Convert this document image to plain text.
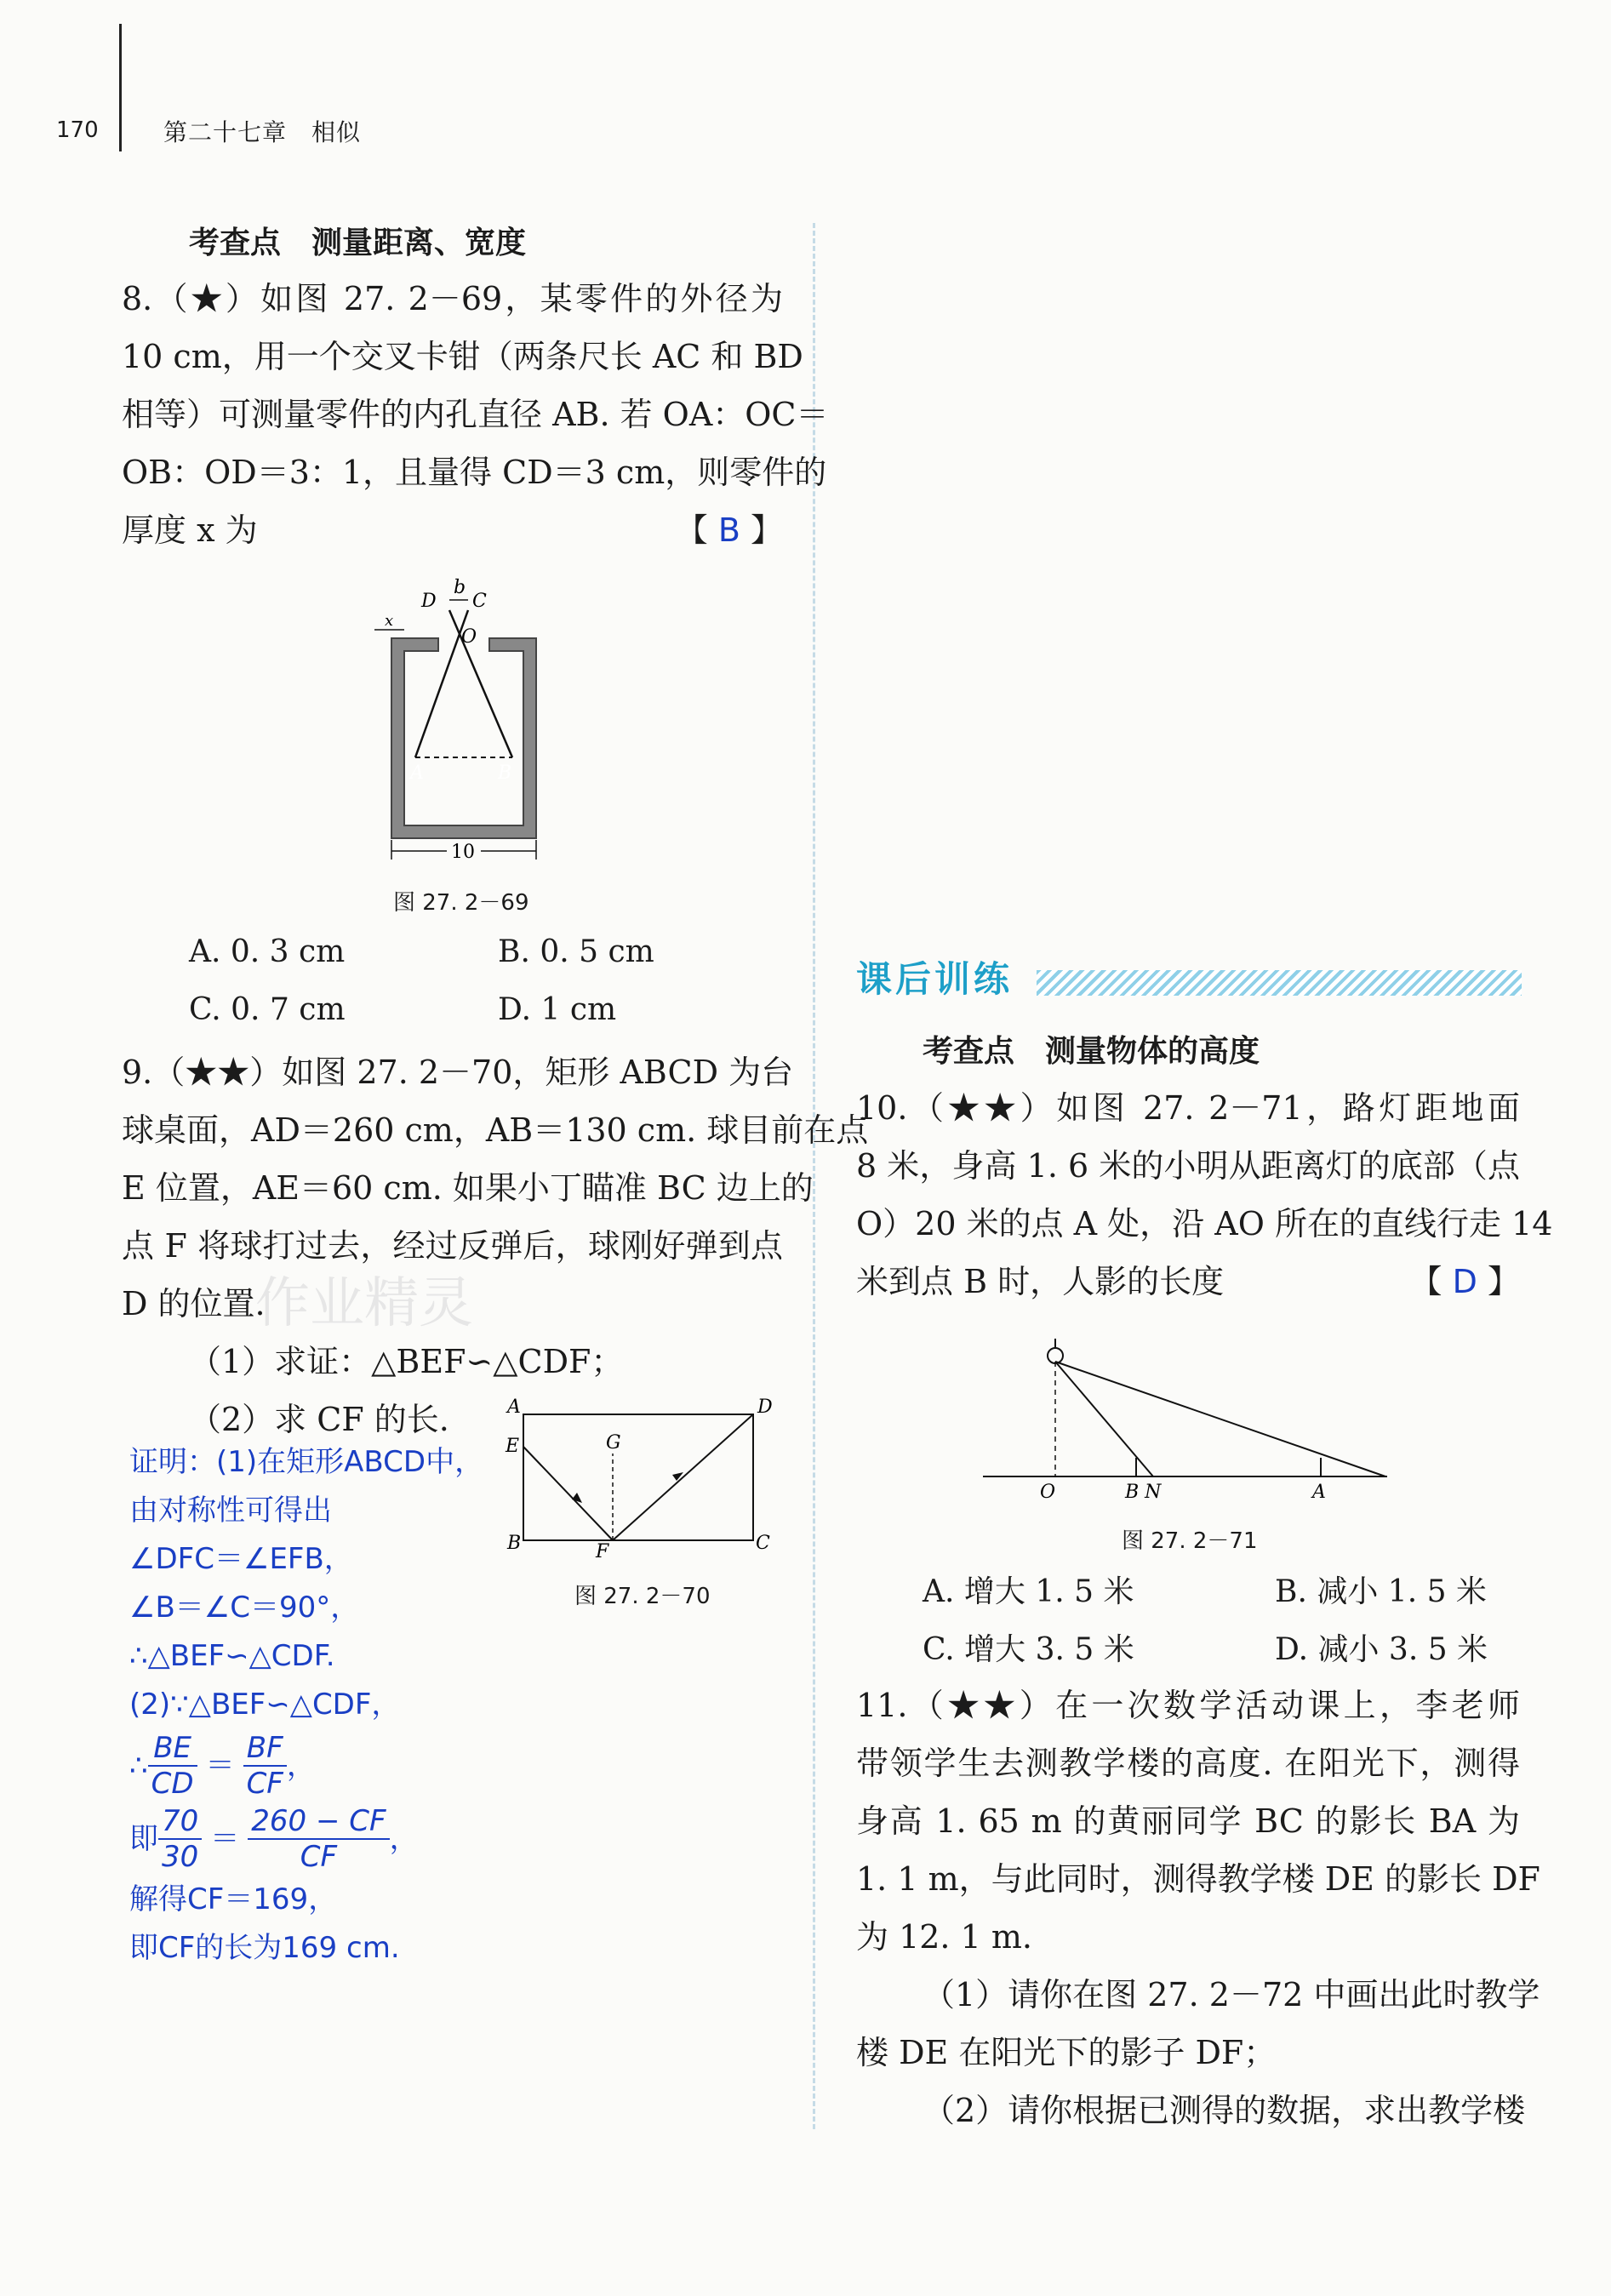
170	第二十七章　相似
作业精灵
考查点　测量距离、宽度

8.（★）如图 27. 2－69，某零件的外径为

10 cm，用一个交叉卡钳（两条尺长 AC 和 BD

相等）可测量零件的内孔直径 AB. 若 OA：OC＝

OB：OD＝3：1，且量得 CD＝3 cm，则零件的

厚度 x 为	【 B 】

D
b
C
x
O
A	B
10
图 27. 2－69
A. 0. 3 cm	B. 0. 5 cm
C. 0. 7 cm	D. 1 cm

9.（★★）如图 27. 2－70，矩形 ABCD 为台

球桌面，AD＝260 cm，AB＝130 cm. 球目前在点

E 位置，AE＝60 cm. 如果小丁瞄准 BC 边上的

点 F 将球打过去，经过反弹后，球刚好弹到点

D 的位置.

（1）求证：△BEF∽△CDF；
（2）求 CF 的长.	A	D
E	G
B	F	C
图 27. 2－70
证明：(1)在矩形ABCD中，
由对称性可得出
∠DFC＝∠EFB，
∠B＝∠C＝90°，
∴△BEF∽△CDF.
(2)∵△BEF∽△CDF，
∴ $\frac{BE}{CD} = \frac{BF}{CF}$ ，
即 $\frac{70}{30} = \frac{260 - CF}{CF}$ ，
解得CF＝169，
即CF的长为169 cm.
课后训练
考查点　测量物体的高度

10.（★★）如图 27. 2－71，路灯距地面

8 米，身高 1. 6 米的小明从距离灯的底部（点

O）20 米的点 A 处，沿 AO 所在的直线行走 14

米到点 B 时，人影的长度	【 D 】

O	B N	A
图 27. 2－71
A. 增大 1. 5 米	B. 减小 1. 5 米
C. 增大 3. 5 米	D. 减小 3. 5 米

11.（★★）在一次数学活动课上，李老师

带领学生去测教学楼的高度. 在阳光下，测得

身高 1. 65 m 的黄丽同学 BC 的影长 BA 为

1. 1 m，与此同时，测得教学楼 DE 的影长 DF

为 12. 1 m.

（1）请你在图 27. 2－72 中画出此时教学

楼 DE 在阳光下的影子 DF；

（2）请你根据已测得的数据，求出教学楼
